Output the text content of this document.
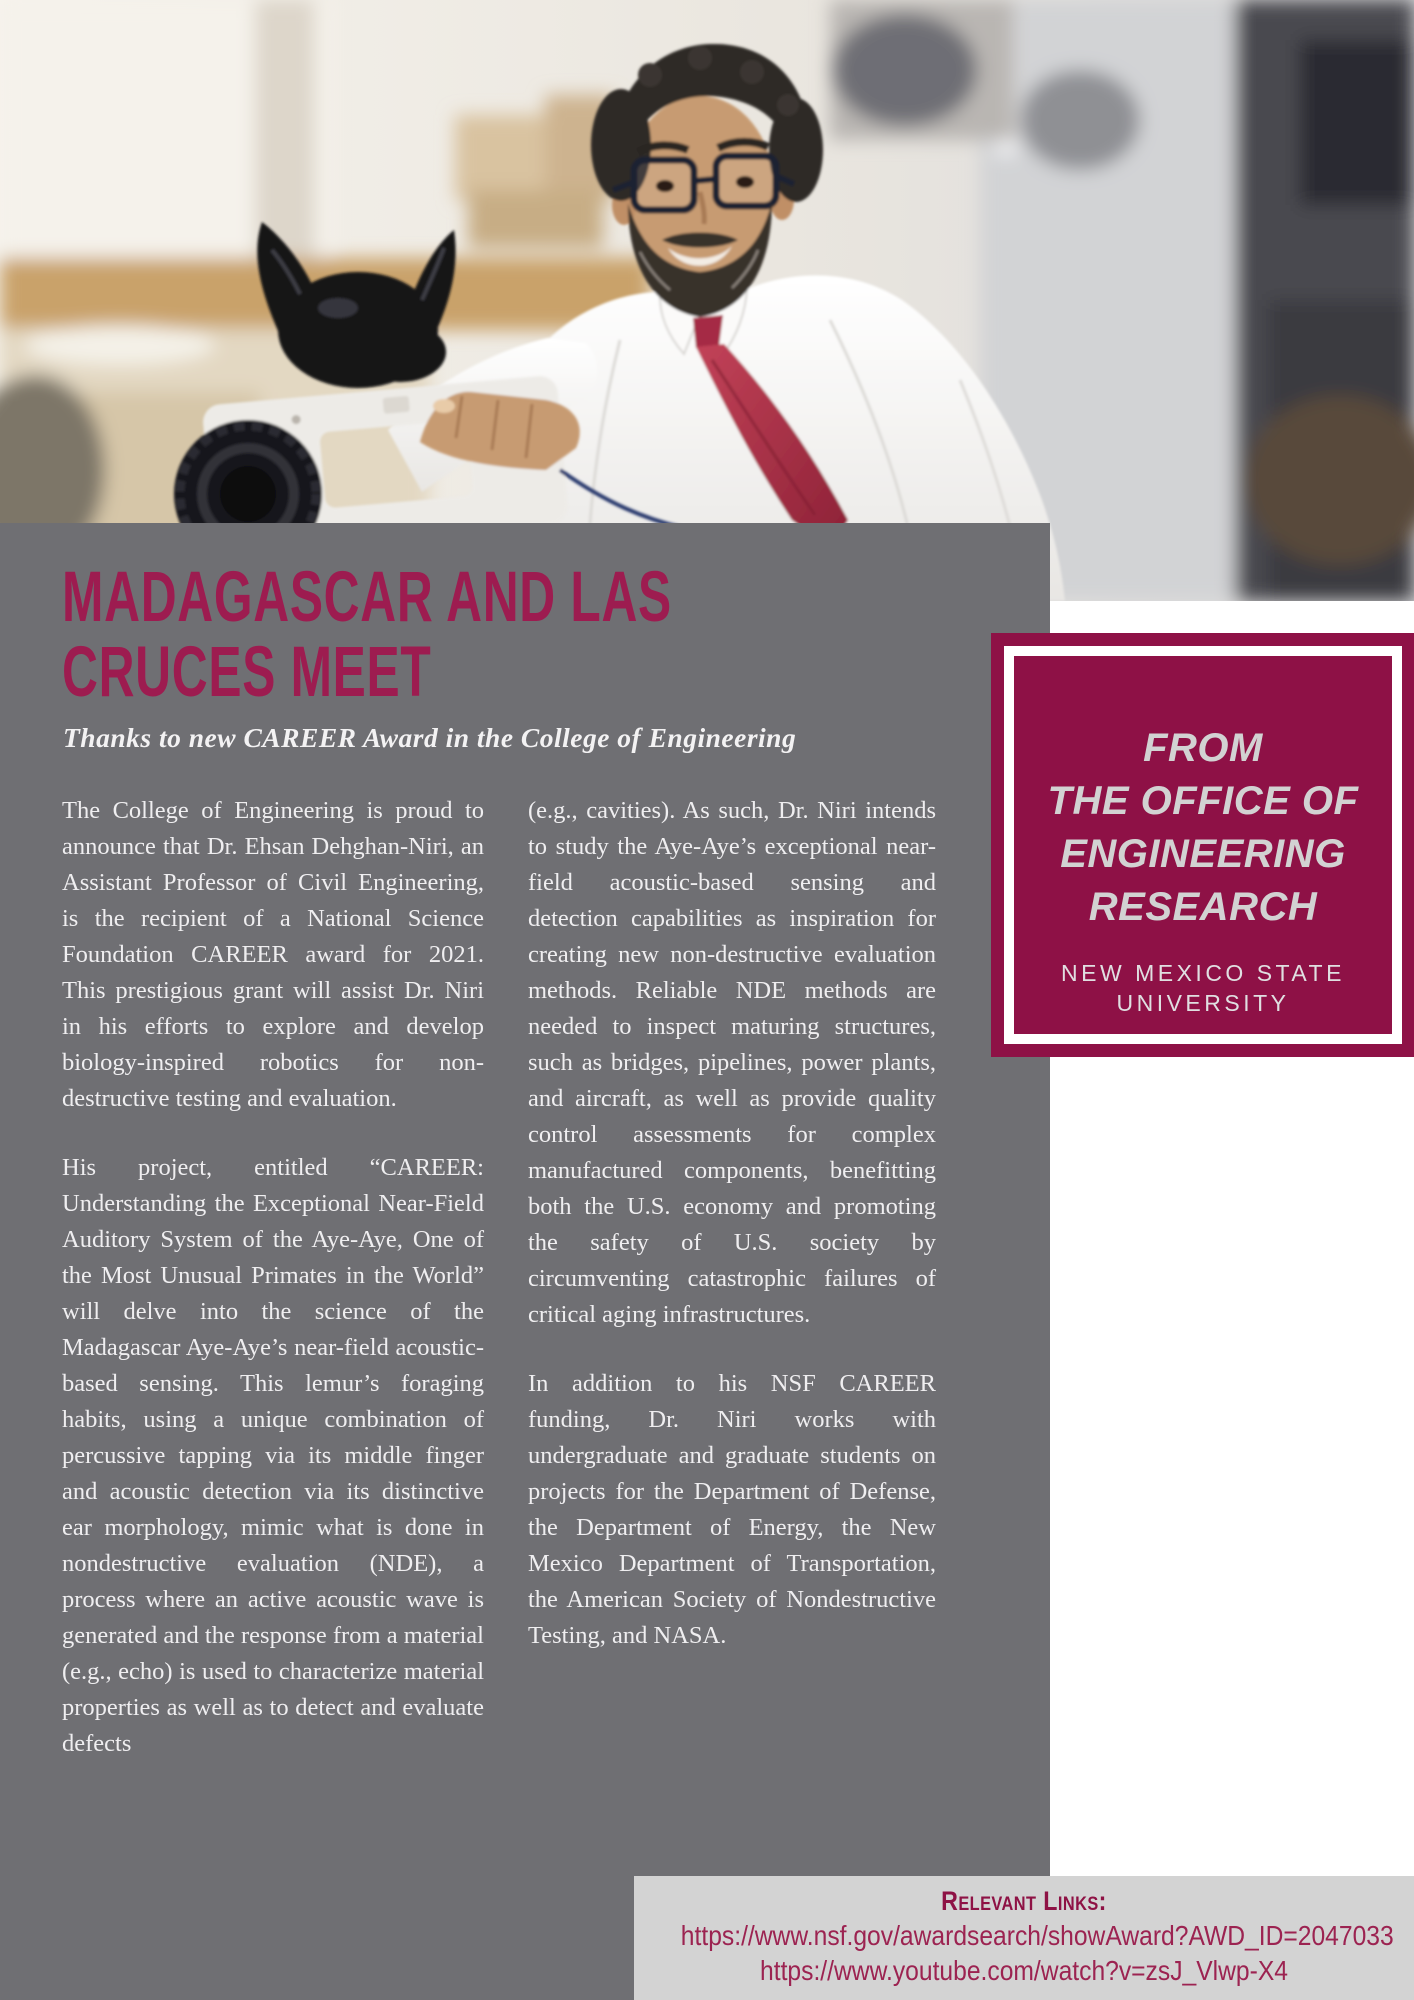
MADAGASCAR AND LAS
CRUCES MEET
Thanks to new CAREER Award in the College of Engineering

The College of Engineering is proud to announce that Dr. Ehsan Dehghan-Niri, an Assistant Professor of Civil Engineering, is the recipient of a National Science Foundation CAREER award for 2021. This prestigious grant will assist Dr. Niri in his efforts to explore and develop biology-inspired robotics for non-destructive testing and evaluation.

His project, entitled “CAREER: Understanding the Exceptional Near-Field Auditory System of the Aye-Aye, One of the Most Unusual Primates in the World” will delve into the science of the Madagascar Aye-Aye’s near-field acoustic-based sensing. This lemur’s foraging habits, using a unique combination of percussive tapping via its middle finger and acoustic detection via its distinctive ear morphology, mimic what is done in nondestructive evaluation (NDE), a process where an active acoustic wave is generated and the response from a material (e.g., echo) is used to characterize material properties as well as to detect and evaluate defects

(e.g., cavities). As such, Dr. Niri intends to study the Aye-Aye’s exceptional near-field acoustic-based sensing and detection capabilities as inspiration for creating new non-destructive evaluation methods. Reliable NDE methods are needed to inspect maturing structures, such as bridges, pipelines, power plants, and aircraft, as well as provide quality control assessments for complex manufactured components, benefitting both the U.S. economy and promoting the safety of U.S. society by circumventing catastrophic failures of critical aging infrastructures.

In addition to his NSF CAREER funding, Dr. Niri works with undergraduate and graduate students on projects for the Department of Defense, the Department of Energy, the New Mexico Department of Transportation, the American Society of Nondestructive Testing, and NASA.

FROM
THE OFFICE OF
ENGINEERING
RESEARCH
NEW MEXICO STATE
UNIVERSITY
Relevant Links:
https://www.nsf.gov/awardsearch/showAward?AWD_ID=2047033
https://www.youtube.com/watch?v=zsJ_Vlwp-X4
